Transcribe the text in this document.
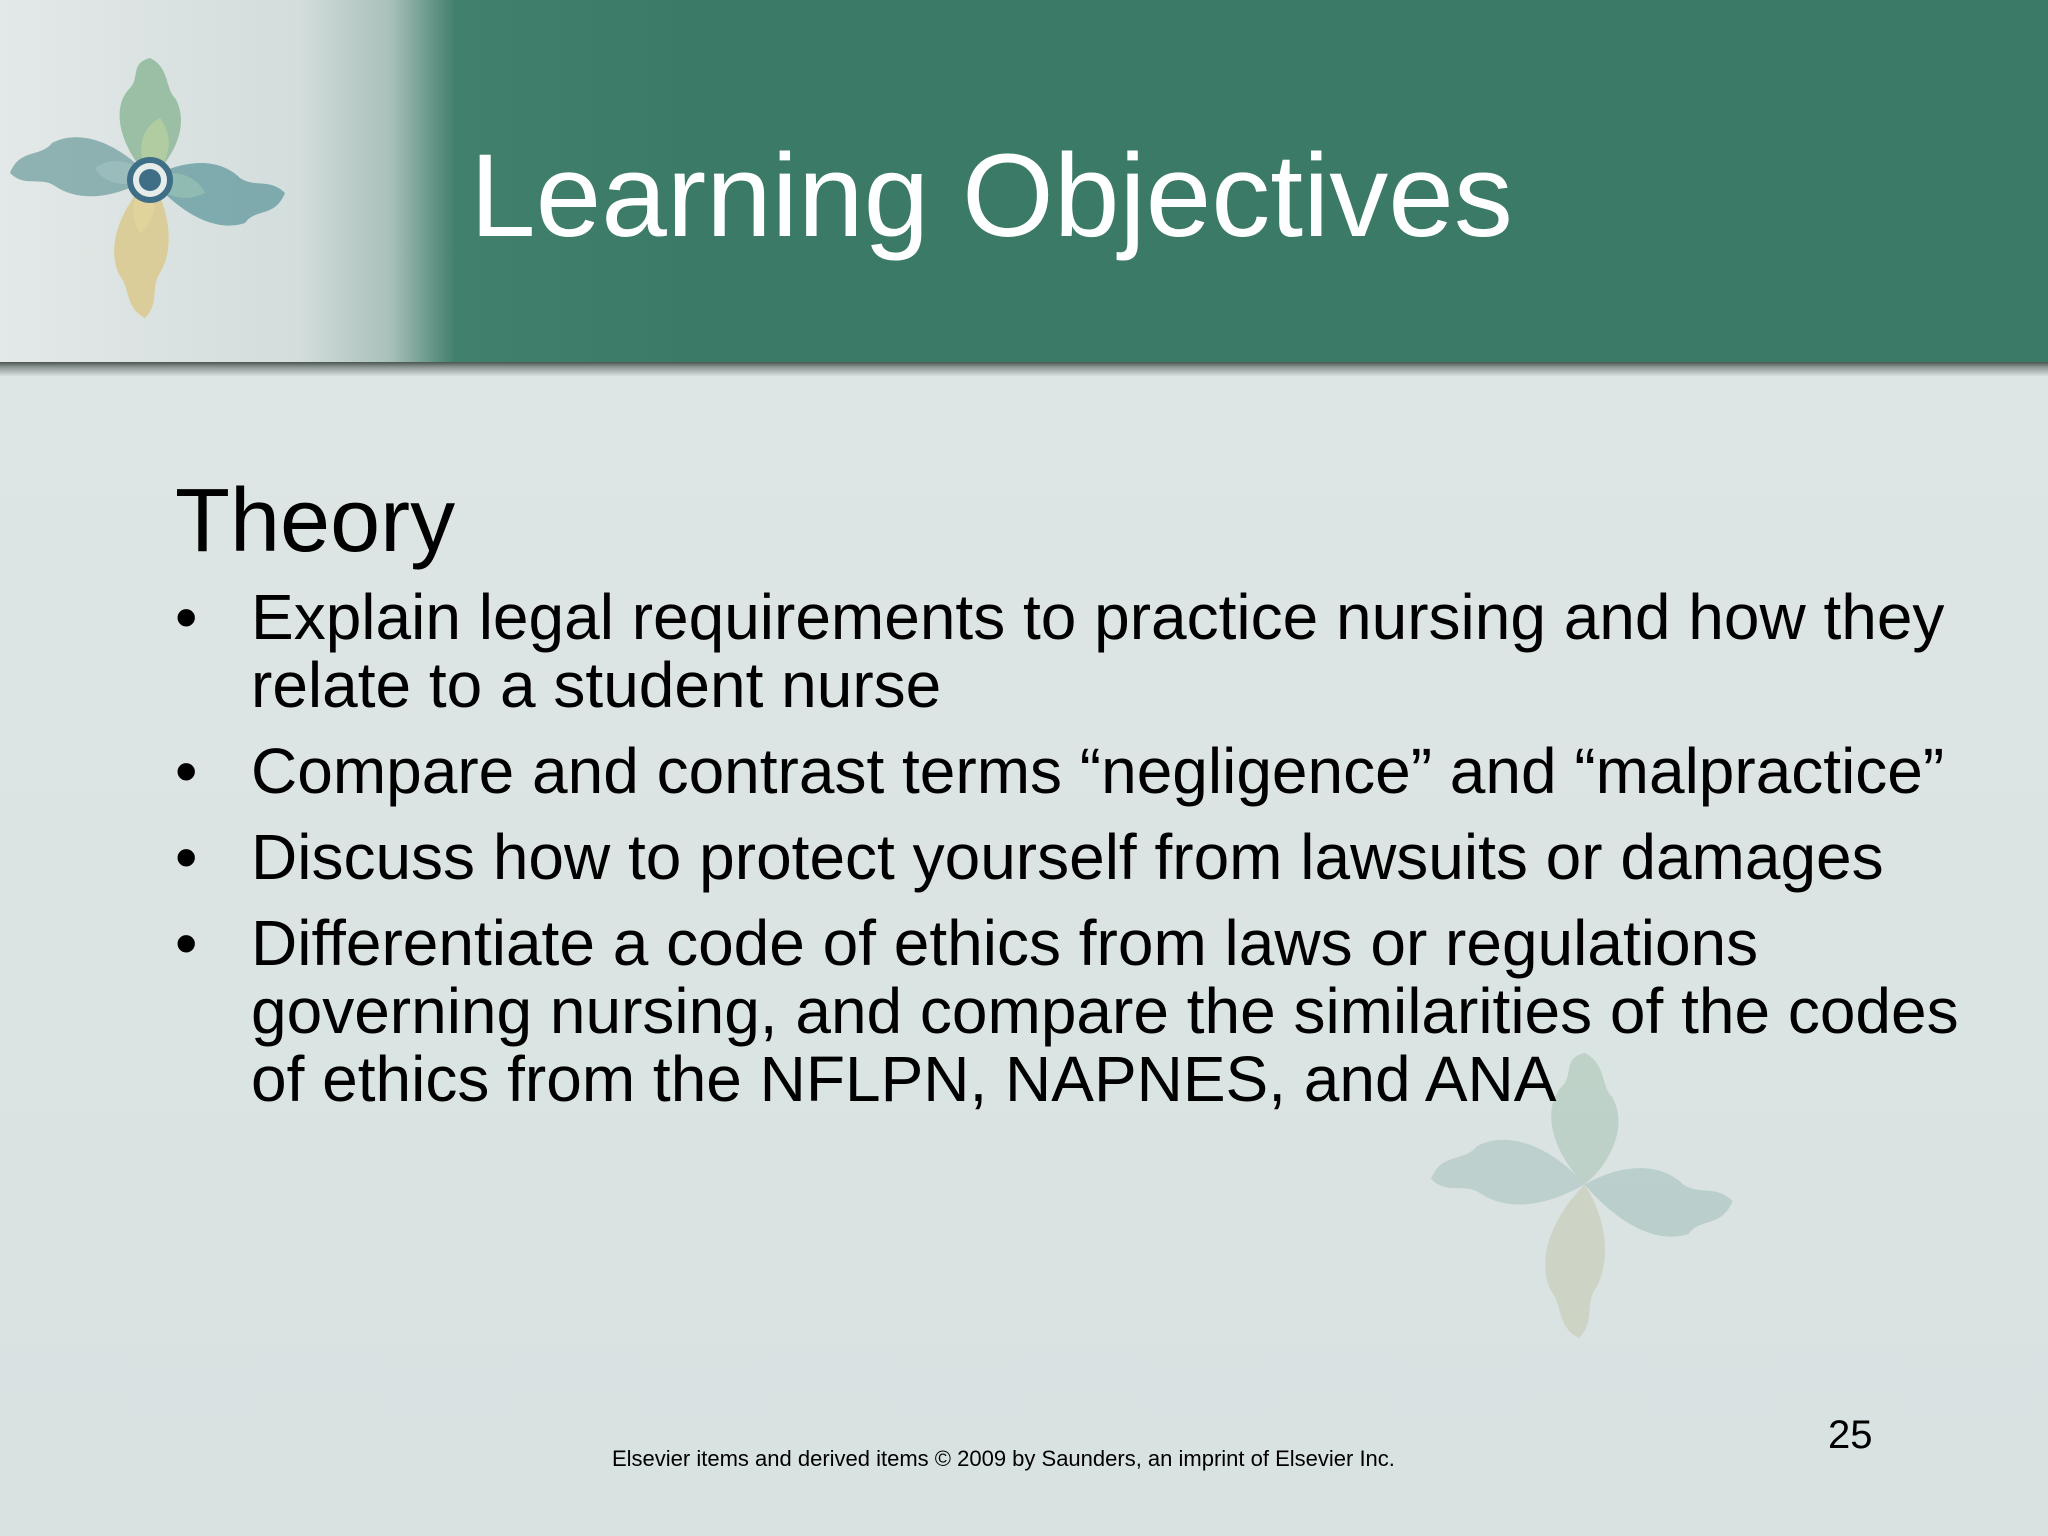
Learning Objectives
Theory
• Explain legal requirements to practice nursing and how they relate to a student nurse
• Compare and contrast terms “negligence” and “malpractice”
• Discuss how to protect yourself from lawsuits or damages
• Differentiate a code of ethics from laws or regulations governing nursing, and compare the similarities of the codes of ethics from the NFLPN, NAPNES, and ANA
25
Elsevier items and derived items © 2009 by Saunders, an imprint of Elsevier Inc.
